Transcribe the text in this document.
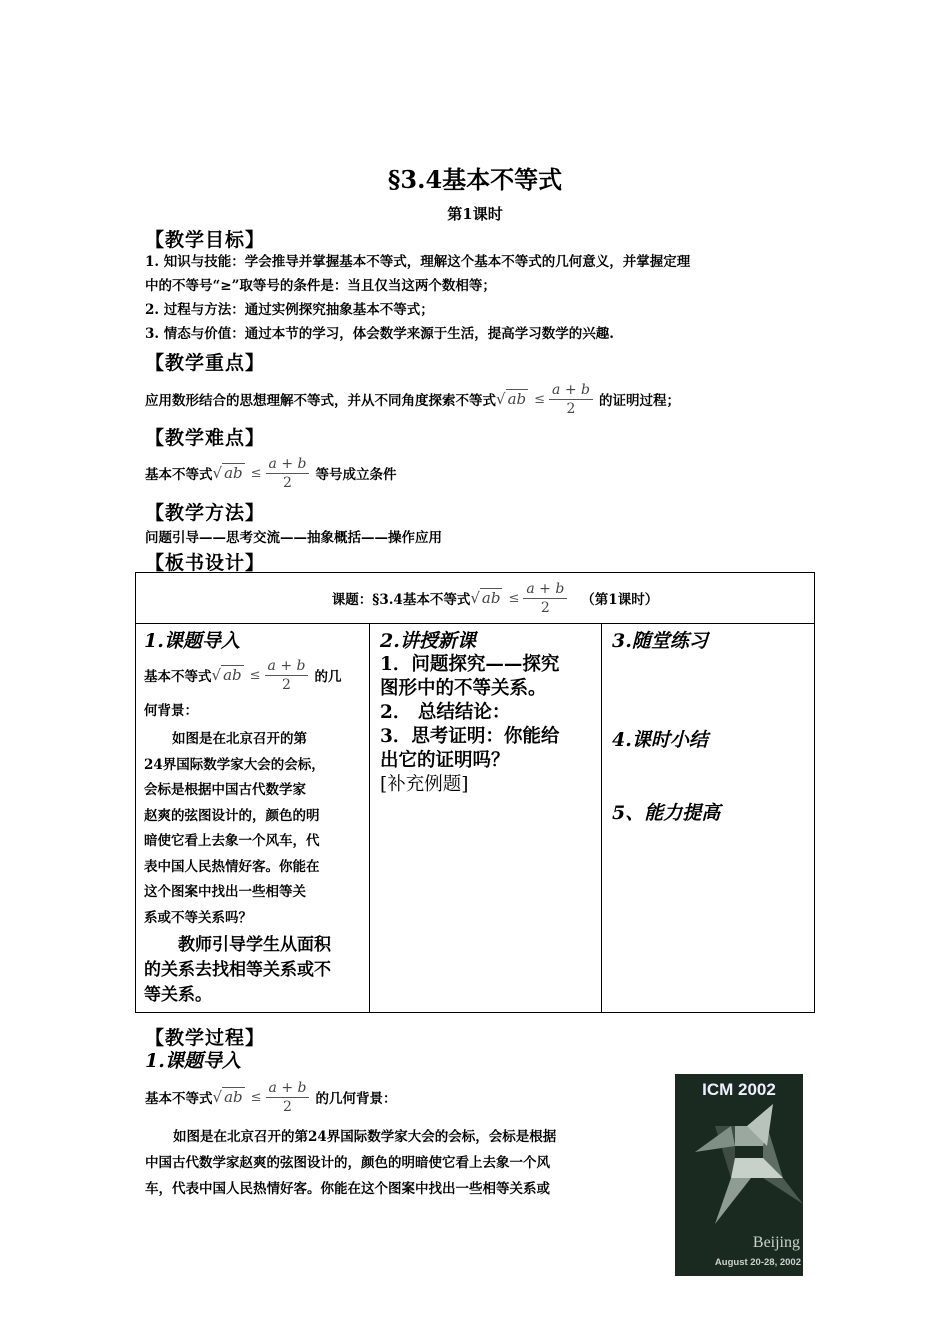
§3.4基本不等式
第1课时
【教学目标】
1. 知识与技能：学会推导并掌握基本不等式，理解这个基本不等式的几何意义，并掌握定理
中的不等号“≥”取等号的条件是：当且仅当这两个数相等；
2. 过程与方法：通过实例探究抽象基本不等式；
3. 情态与价值：通过本节的学习，体会数学来源于生活，提高学习数学的兴趣.
【教学重点】
应用数形结合的思想理解不等式，并从不同角度探索不等式 √ ab ≤ $\frac{a + b}{2}$ 的证明过程；
【教学难点】
基本不等式 √ ab ≤ $\frac{a + b}{2}$ 等号成立条件
【教学方法】
问题引导——思考交流——抽象概括——操作应用
【板书设计】
课题：§3.4基本不等式 √ ab ≤ $\frac{a + b}{2}$ （第1课时）

1.课题导入
基本不等式 √ ab ≤ $\frac{a + b}{2}$ 的几
何背景：
如图是在北京召开的第
24界国际数学家大会的会标，
会标是根据中国古代数学家
赵爽的弦图设计的，颜色的明
暗使它看上去象一个风车，代
表中国人民热情好客。你能在
这个图案中找出一些相等关
系或不等关系吗？
教师引导学生从面积
的关系去找相等关系或不
等关系。

2.讲授新课
1．问题探究——探究
图形中的不等关系。
2． 总结结论：
3．思考证明：你能给
出它的证明吗？
[补充例题]

3.随堂练习
4.课时小结
5、能力提高
【教学过程】
1.课题导入
基本不等式 √ ab ≤ $\frac{a + b}{2}$ 的几何背景：
如图是在北京召开的第24界国际数学家大会的会标，会标是根据
中国古代数学家赵爽的弦图设计的，颜色的明暗使它看上去象一个风
车，代表中国人民热情好客。你能在这个图案中找出一些相等关系或
ICM 2002
Beijing
August 20-28, 2002
